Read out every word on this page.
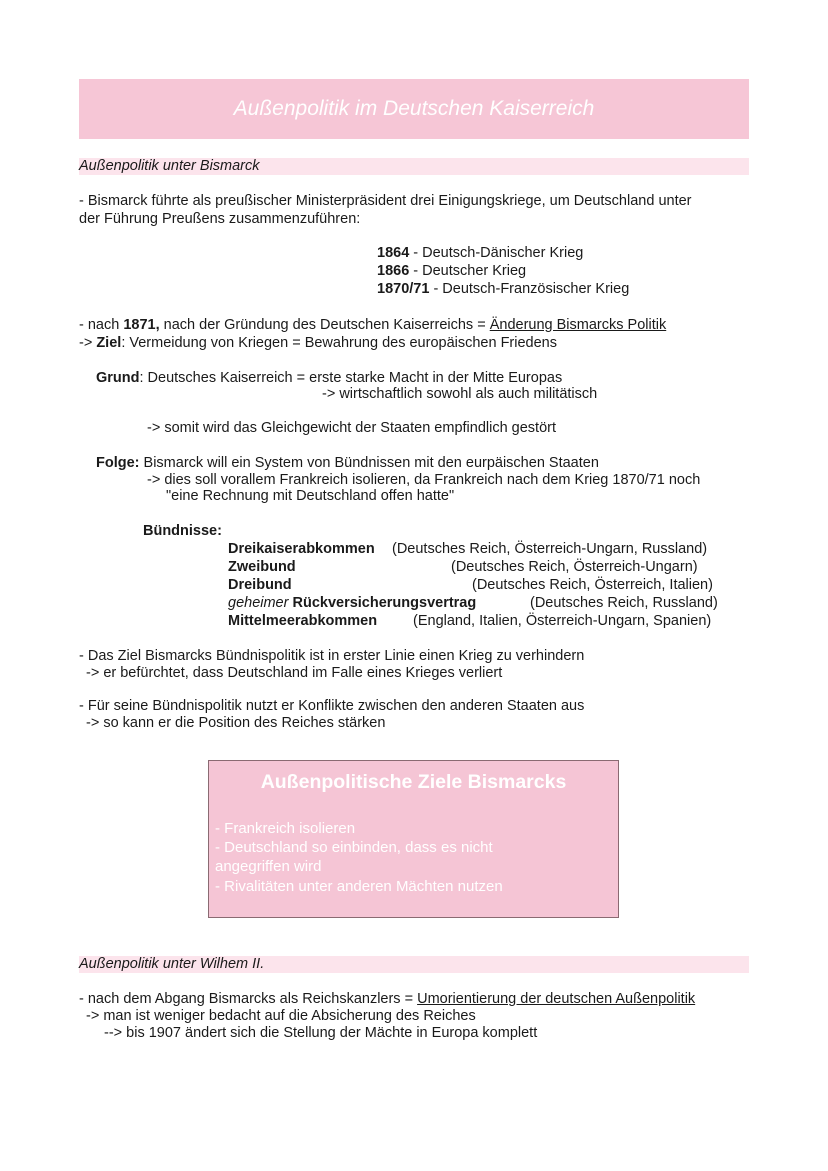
Außenpolitik im Deutschen Kaiserreich
Außenpolitik unter Bismarck
- Bismarck führte als preußischer Ministerpräsident drei Einigungskriege, um Deutschland unter
der Führung Preußens zusammenzuführen:
1864 - Deutsch-Dänischer Krieg
1866 - Deutscher Krieg
1870/71 - Deutsch-Französischer Krieg
- nach 1871, nach der Gründung des Deutschen Kaiserreichs = Änderung Bismarcks Politik
-> Ziel: Vermeidung von Kriegen = Bewahrung des europäischen Friedens
Grund: Deutsches Kaiserreich = erste starke Macht in der Mitte Europas
-> wirtschaftlich sowohl als auch militätisch
-> somit wird das Gleichgewicht der Staaten empfindlich gestört
Folge: Bismarck will ein System von Bündnissen mit den eurpäischen Staaten
-> dies soll vorallem Frankreich isolieren, da Frankreich nach dem Krieg 1870/71 noch
"eine Rechnung mit Deutschland offen hatte"
Bündnisse:
Dreikaiserabkommen (Deutsches Reich, Österreich-Ungarn, Russland)
Zweibund	(Deutsches Reich, Österreich-Ungarn)
Dreibund	(Deutsches Reich, Österreich, Italien)
geheimer Rückversicherungsvertrag	(Deutsches Reich, Russland)
Mittelmeerabkommen (England, Italien, Österreich-Ungarn, Spanien)
- Das Ziel Bismarcks Bündnispolitik ist in erster Linie einen Krieg zu verhindern
-> er befürchtet, dass Deutschland im Falle eines Krieges verliert
- Für seine Bündnispolitik nutzt er Konflikte zwischen den anderen Staaten aus
-> so kann er die Position des Reiches stärken
Außenpolitische Ziele Bismarcks
- Frankreich isolieren
- Deutschland so einbinden, dass es nicht
angegriffen wird
- Rivalitäten unter anderen Mächten nutzen
Außenpolitik unter Wilhem II.
- nach dem Abgang Bismarcks als Reichskanzlers = Umorientierung der deutschen Außenpolitik
-> man ist weniger bedacht auf die Absicherung des Reiches
--> bis 1907 ändert sich die Stellung der Mächte in Europa komplett
